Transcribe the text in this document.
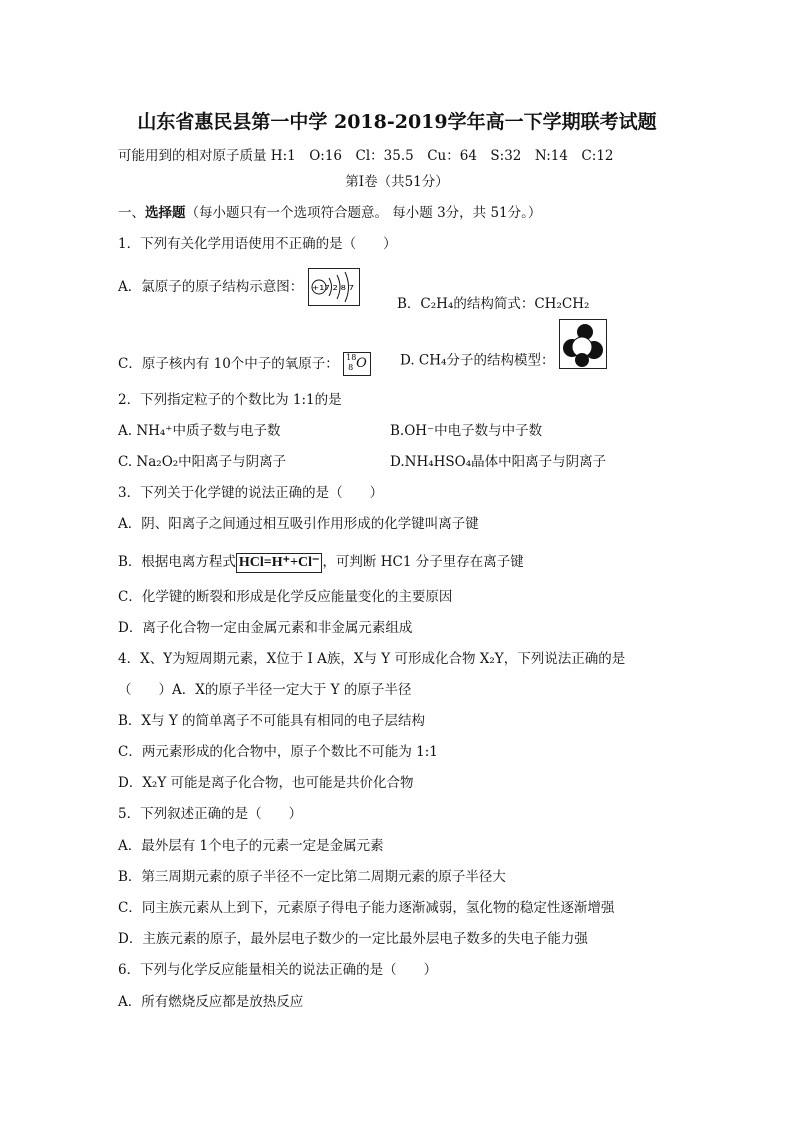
山东省惠民县第一中学 2018-2019学年高一下学期联考试题
可能用到的相对原子质量 H:1　O:16　Cl：35.5　Cu：64　S:32　N:14　C:12
第I卷（共51分）
一、选择题（每小题只有一个选项符合题意。 每小题 3分，共 51分。）
1．下列有关化学用语使用不正确的是（　　）
A．氯原子的原子结构示意图： +17 2 8 7
B．C₂H₄的结构简式：CH₂CH₂
C．原子核内有 10个中子的氧原子： 18
8 O D. CH₄分子的结构模型：
2．下列指定粒子的个数比为 1:1的是
A. NH₄⁺中质子数与电子数	B.OH⁻中电子数与中子数
C. Na₂O₂中阳离子与阴离子	D.NH₄HSO₄晶体中阳离子与阴离子
3．下列关于化学键的说法正确的是（　　）
A．阴、阳离子之间通过相互吸引作用形成的化学键叫离子键
B．根据电离方程式 HCl=H⁺+Cl⁻ ，可判断 HC1 分子里存在离子键
C．化学键的断裂和形成是化学反应能量变化的主要原因
D．离子化合物一定由金属元素和非金属元素组成
4．X、Y为短周期元素，X位于 I A族，X与 Y 可形成化合物 X₂Y，下列说法正确的是
（　　）A．X的原子半径一定大于 Y 的原子半径
B．X与 Y 的简单离子不可能具有相同的电子层结构
C．两元素形成的化合物中，原子个数比不可能为 1:1
D．X₂Y 可能是离子化合物，也可能是共价化合物
5．下列叙述正确的是（　　）
A．最外层有 1个电子的元素一定是金属元素
B．第三周期元素的原子半径不一定比第二周期元素的原子半径大
C．同主族元素从上到下，元素原子得电子能力逐渐减弱，氢化物的稳定性逐渐增强
D．主族元素的原子，最外层电子数少的一定比最外层电子数多的失电子能力强
6．下列与化学反应能量相关的说法正确的是（　　）
A．所有燃烧反应都是放热反应
